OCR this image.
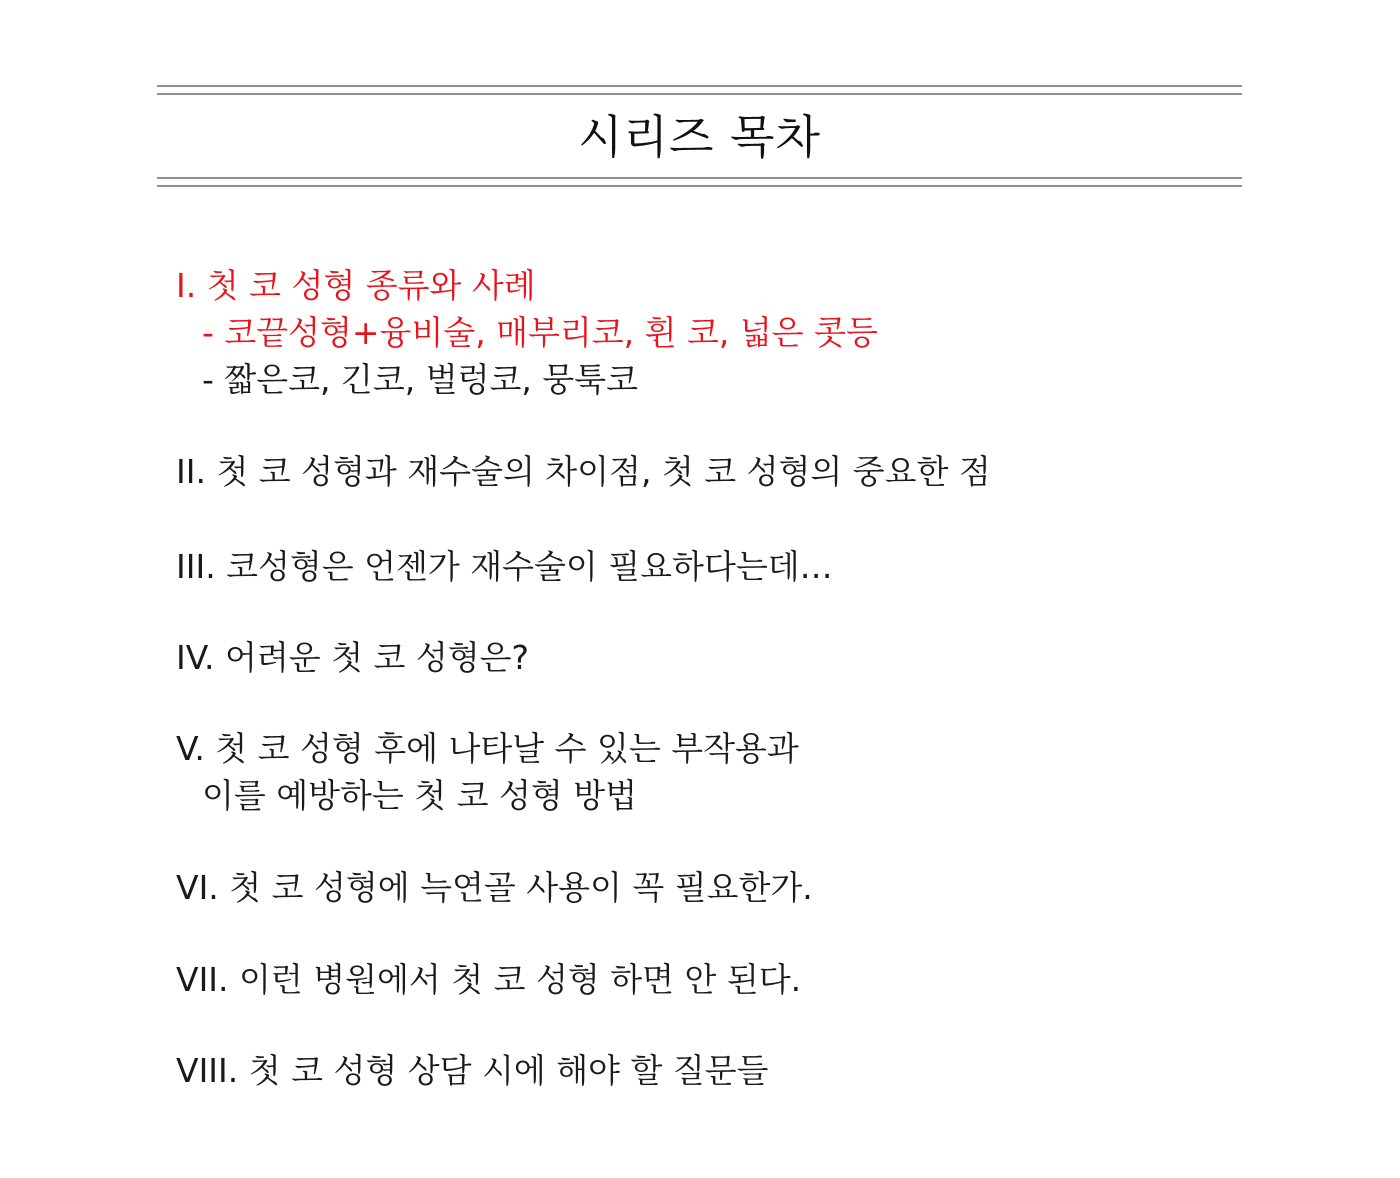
시리즈 목차
I. 첫 코 성형 종류와 사례
- 코끝성형+융비술, 매부리코, 휜 코, 넓은 콧등
- 짧은코, 긴코, 벌렁코, 뭉툭코
II. 첫 코 성형과 재수술의 차이점, 첫 코 성형의 중요한 점
III. 코성형은 언젠가 재수술이 필요하다는데…
IV. 어려운 첫 코 성형은?
V. 첫 코 성형 후에 나타날 수 있는 부작용과
이를 예방하는 첫 코 성형 방법
VI. 첫 코 성형에 늑연골 사용이 꼭 필요한가.
VII. 이런 병원에서 첫 코 성형 하면 안 된다.
VIII. 첫 코 성형 상담 시에 해야 할 질문들
